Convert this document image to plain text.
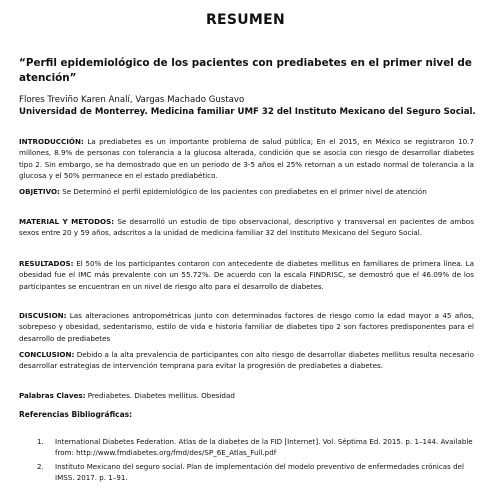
RESUMEN
“Perfil epidemiológico de los pacientes con prediabetes en el primer nivel de atención”
Flores Treviño Karen Analí, Vargas Machado Gustavo
Universidad de Monterrey. Medicina familiar UMF 32 del Instituto Mexicano del Seguro Social.
INTRODUCCIÓN: La prediabetes es un importante problema de salud pública; En el 2015, en México se registraron 10.7 millones, 8.9% de personas con tolerancia a la glucosa alterada, condición que se asocia con riesgo de desarrollar diabetes tipo 2. Sin embargo, se ha demostrado que en un periodo de 3-5 años el 25% retornan a un estado normal de tolerancia a la glucosa y el 50% permanece en el estado prediabético.
OBJETIVO: Se Determinó el perfil epidemiológico de los pacientes con prediabetes en el primer nivel de atención
MATERIAL Y METODOS: Se desarrolló un estudio de tipo observacional, descriptivo y transversal en pacientes de ambos sexos entre 20 y 59 años, adscritos a la unidad de medicina familiar 32 del Instituto Mexicano del Seguro Social.
RESULTADOS: El 50% de los participantes contaron con antecedente de diabetes mellitus en familiares de primera línea. La obesidad fue el IMC más prevalente con un 55.72%. De acuerdo con la escala FINDRISC, se demostró que el 46.09% de los participantes se encuentran en un nivel de riesgo alto para el desarrollo de diabetes.
DISCUSION: Las alteraciones antropométricas junto con determinados factores de riesgo como la edad mayor a 45 años, sobrepeso y obesidad, sedentarismo, estilo de vida e historia familiar de diabetes tipo 2 son factores predisponentes para el desarrollo de prediabetes
CONCLUSION: Debido a la alta prevalencia de participantes con alto riesgo de desarrollar diabetes mellitus resulta necesario desarrollar estrategias de intervención temprana para evitar la progresión de prediabetes a diabetes.
Palabras Claves: Prediabetes. Diabetes mellitus. Obesidad
Referencias Bibliográficas:
1. International Diabetes Federation. Atlas de la diabetes de la FID [Internet]. Vol. Séptima Ed. 2015. p. 1–144. Available from: http://www.fmdiabetes.org/fmd/des/SP_6E_Atlas_Full.pdf
2. Instituto Mexicano del seguro social. Plan de implementación del modelo preventivo de enfermedades crónicas del IMSS. 2017. p. 1–91.
